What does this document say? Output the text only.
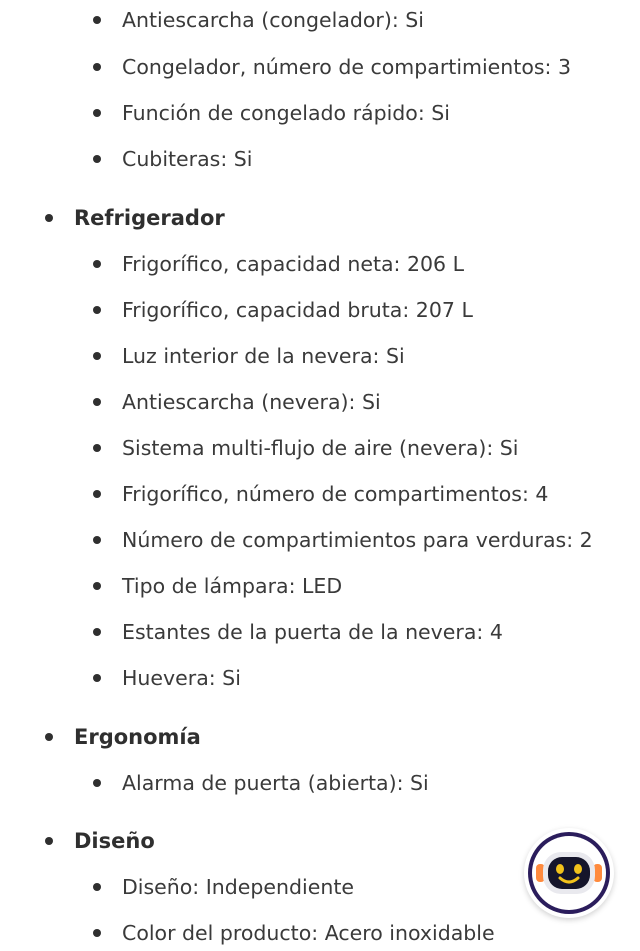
Antiescarcha (congelador): Si
Congelador, número de compartimientos: 3
Función de congelado rápido: Si
Cubiteras: Si
Refrigerador
Frigorífico, capacidad neta: 206 L
Frigorífico, capacidad bruta: 207 L
Luz interior de la nevera: Si
Antiescarcha (nevera): Si
Sistema multi-flujo de aire (nevera): Si
Frigorífico, número de compartimentos: 4
Número de compartimientos para verduras: 2
Tipo de lámpara: LED
Estantes de la puerta de la nevera: 4
Huevera: Si
Ergonomía
Alarma de puerta (abierta): Si
Diseño
Diseño: Independiente
Color del producto: Acero inoxidable
